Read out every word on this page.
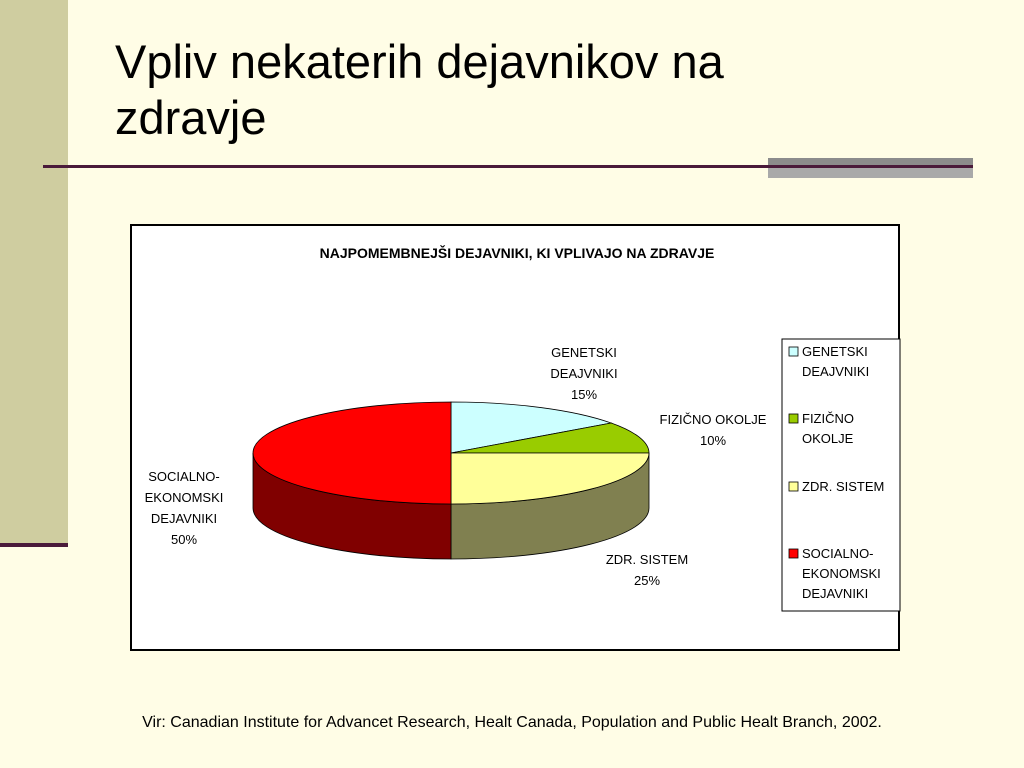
Vpliv nekaterih dejavnikov na
zdravje
NAJPOMEMBNEJŠI DEJAVNIKI, KI VPLIVAJO NA ZDRAVJE
GENETSKI
DEAJVNIKI
15%
FIZIČNO OKOLJE
10%
ZDR. SISTEM
25%
SOCIALNO-
EKONOMSKI
DEJAVNIKI
50%
GENETSKI
DEAJVNIKI
FIZIČNO
OKOLJE
ZDR. SISTEM
SOCIALNO-
EKONOMSKI
DEJAVNIKI
Vir: Canadian Institute for Advancet Research, Healt Canada, Population and Public Healt Branch, 2002.
